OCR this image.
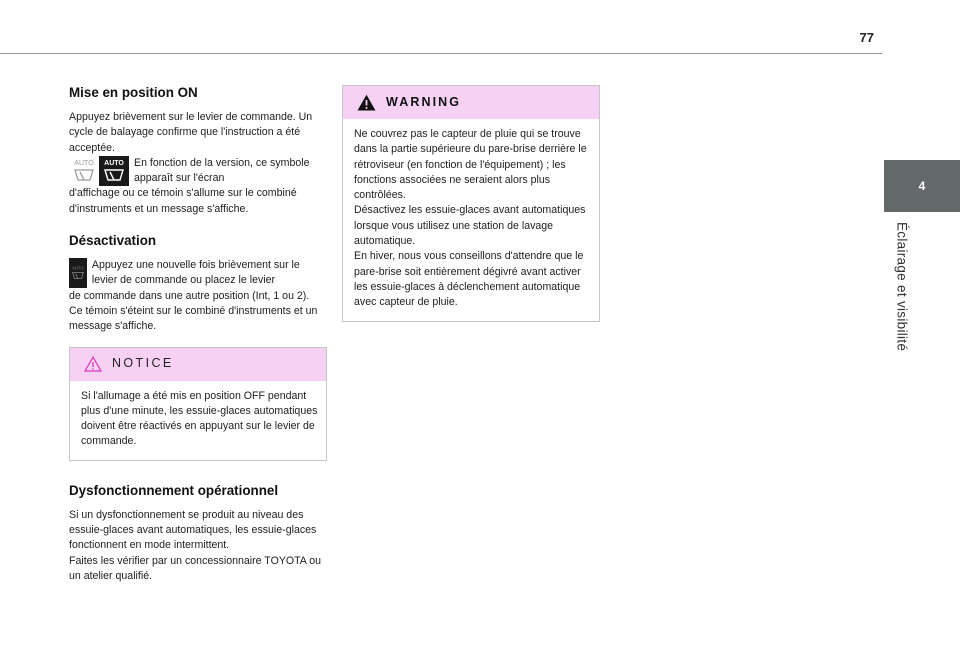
77
4
Éclairage et visibilité
Mise en position ON

Appuyez brièvement sur le levier de commande. Un cycle de balayage confirme que l'instruction a été acceptée.

AUTO AUTO En fonction de la version, ce symbole apparaît sur l'écran

d'affichage ou ce témoin s'allume sur le combiné d'instruments et un message s'affiche.

Désactivation
AUTO Appuyez une nouvelle fois brièvement sur le levier de commande ou placez le levier

de commande dans une autre position (Int, 1 ou 2).

Ce témoin s'éteint sur le combiné d'instruments et un message s'affiche.

NOTICE

Si l'allumage a été mis en position OFF pendant plus d'une minute, les essuie-glaces automatiques doivent être réactivés en appuyant sur le levier de commande.

Dysfonctionnement opérationnel

Si un dysfonctionnement se produit au niveau des essuie-glaces avant automatiques, les essuie-glaces fonctionnent en mode intermittent.

Faites les vérifier par un concessionnaire TOYOTA ou un atelier qualifié.

WARNING

Ne couvrez pas le capteur de pluie qui se trouve dans la partie supérieure du pare-brise derrière le rétroviseur (en fonction de l'équipement) ; les fonctions associées ne seraient alors plus contrôlées.

Désactivez les essuie-glaces avant automatiques lorsque vous utilisez une station de lavage automatique.

En hiver, nous vous conseillons d'attendre que le pare-brise soit entièrement dégivré avant activer les essuie-glaces à déclenchement automatique avec capteur de pluie.
